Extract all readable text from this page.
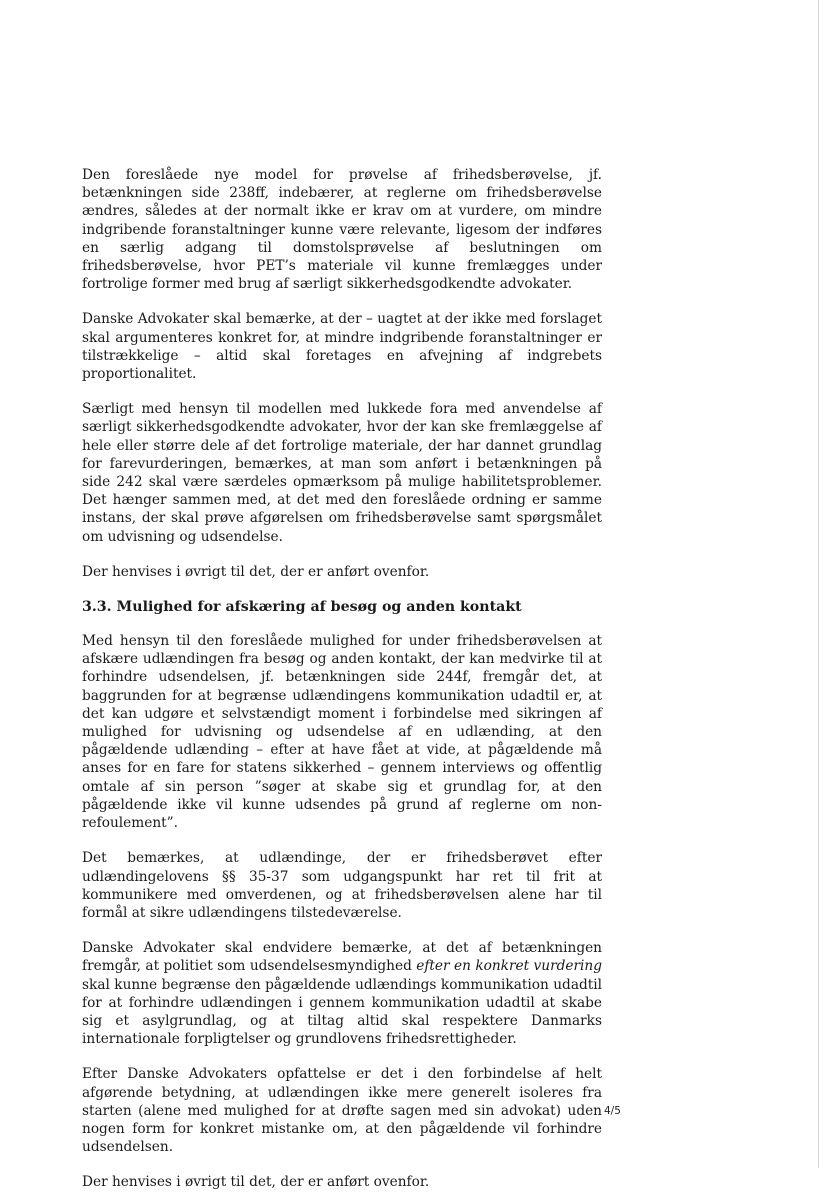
Den foreslåede nye model for prøvelse af frihedsberøvelse, jf. betænkningen side 238ff, indebærer, at reglerne om frihedsberøvelse ændres, således at der normalt ikke er krav om at vurdere, om mindre indgribende foranstaltninger kunne være relevante, ligesom der indføres en særlig adgang til domstolsprøvelse af beslutningen om frihedsberøvelse, hvor PET’s materiale vil kunne fremlægges under fortrolige former med brug af særligt sikkerhedsgodkendte advokater.

Danske Advokater skal bemærke, at der – uagtet at der ikke med forslaget skal argumenteres konkret for, at mindre indgribende foranstaltninger er tilstrækkelige – altid skal foretages en afvejning af indgrebets proportionalitet.

Særligt med hensyn til modellen med lukkede fora med anvendelse af særligt sikkerhedsgodkendte advokater, hvor der kan ske fremlæggelse af hele eller større dele af det fortrolige materiale, der har dannet grundlag for farevurderingen, bemærkes, at man som anført i betænkningen på side 242 skal være særdeles opmærksom på mulige habilitetsproblemer. Det hænger sammen med, at det med den foreslåede ordning er samme instans, der skal prøve afgørelsen om frihedsberøvelse samt spørgsmålet om udvisning og udsendelse.

Der henvises i øvrigt til det, der er anført ovenfor.

3.3. Mulighed for afskæring af besøg og anden kontakt

Med hensyn til den foreslåede mulighed for under frihedsberøvelsen at afskære udlændingen fra besøg og anden kontakt, der kan medvirke til at forhindre udsendelsen, jf. betænkningen side 244f, fremgår det, at baggrunden for at begrænse udlændingens kommunikation udadtil er, at det kan udgøre et selvstændigt moment i forbindelse med sikringen af mulighed for udvisning og udsendelse af en udlænding, at den pågældende udlænding – efter at have fået at vide, at pågældende må anses for en fare for statens sikkerhed – gennem interviews og offentlig omtale af sin person ”søger at skabe sig et grundlag for, at den pågældende ikke vil kunne udsendes på grund af reglerne om non-refoulement”.

Det bemærkes, at udlændinge, der er frihedsberøvet efter udlændingelovens §§ 35-37 som udgangspunkt har ret til frit at kommunikere med omverdenen, og at frihedsberøvelsen alene har til formål at sikre udlændingens tilstedeværelse.

Danske Advokater skal endvidere bemærke, at det af betænkningen fremgår, at politiet som udsendelsesmyndighed efter en konkret vurdering skal kunne begrænse den pågældende udlændings kommunikation udadtil for at forhindre udlændingen i gennem kommunikation udadtil at skabe sig et asylgrundlag, og at tiltag altid skal respektere Danmarks internationale forpligtelser og grundlovens frihedsrettigheder.

Efter Danske Advokaters opfattelse er det i den forbindelse af helt afgørende betydning, at udlændingen ikke mere generelt isoleres fra starten (alene med mulighed for at drøfte sagen med sin advokat) uden nogen form for konkret mistanke om, at den pågældende vil forhindre udsendelsen.

Der henvises i øvrigt til det, der er anført ovenfor.

4/5
